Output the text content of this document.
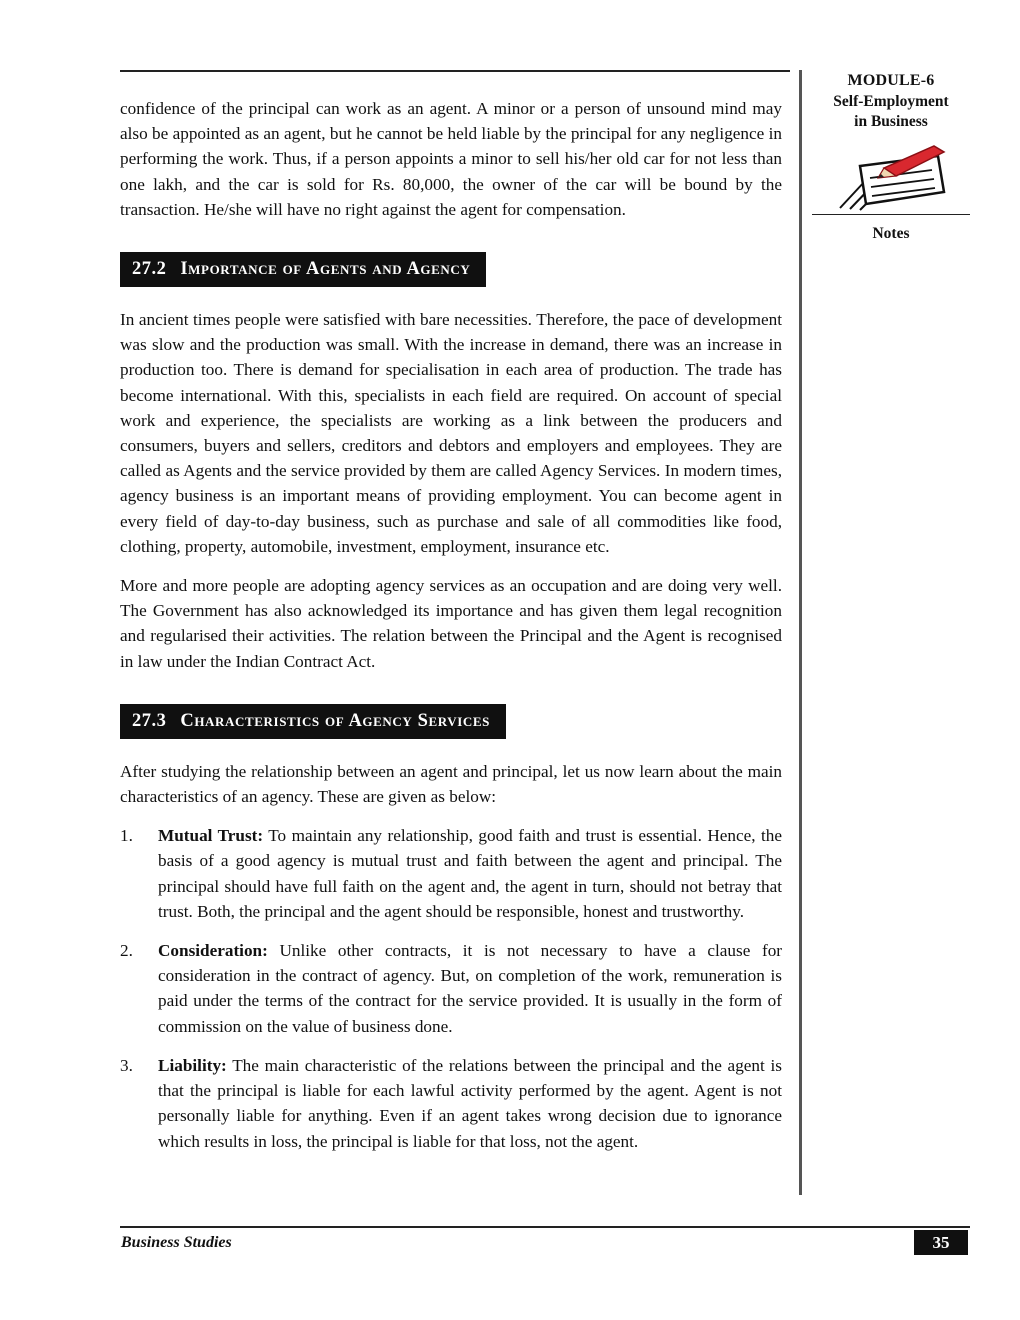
MODULE-6
Self-Employment in Business
Notes

confidence of the principal can work as an agent. A minor or a person of unsound mind may also be appointed as an agent, but he cannot be held liable by the principal for any negligence in performing the work. Thus, if a person appoints a minor to sell his/her old car for not less than one lakh, and the car is sold for Rs. 80,000, the owner of the car will be bound by the transaction. He/she will have no right against the agent for compensation.

27.2 Importance of Agents and Agency

In ancient times people were satisfied with bare necessities. Therefore, the pace of development was slow and the production was small. With the increase in demand, there was an increase in production too. There is demand for specialisation in each area of production. The trade has become international. With this, specialists in each field are required. On account of special work and experience, the specialists are working as a link between the producers and consumers, buyers and sellers, creditors and debtors and employers and employees. They are called as Agents and the service provided by them are called Agency Services. In modern times, agency business is an important means of providing employment. You can become agent in every field of day-to-day business, such as purchase and sale of all commodities like food, clothing, property, automobile, investment, employment, insurance etc.

More and more people are adopting agency services as an occupation and are doing very well. The Government has also acknowledged its importance and has given them legal recognition and regularised their activities. The relation between the Principal and the Agent is recognised in law under the Indian Contract Act.

27.3 Characteristics of Agency Services

After studying the relationship between an agent and principal, let us now learn about the main characteristics of an agency. These are given as below:

1. Mutual Trust: To maintain any relationship, good faith and trust is essential. Hence, the basis of a good agency is mutual trust and faith between the agent and principal. The principal should have full faith on the agent and, the agent in turn, should not betray that trust. Both, the principal and the agent should be responsible, honest and trustworthy.
2. Consideration: Unlike other contracts, it is not necessary to have a clause for consideration in the contract of agency. But, on completion of the work, remuneration is paid under the terms of the contract for the service provided. It is usually in the form of commission on the value of business done.
3. Liability: The main characteristic of the relations between the principal and the agent is that the principal is liable for each lawful activity performed by the agent. Agent is not personally liable for anything. Even if an agent takes wrong decision due to ignorance which results in loss, the principal is liable for that loss, not the agent.
Business Studies	35
